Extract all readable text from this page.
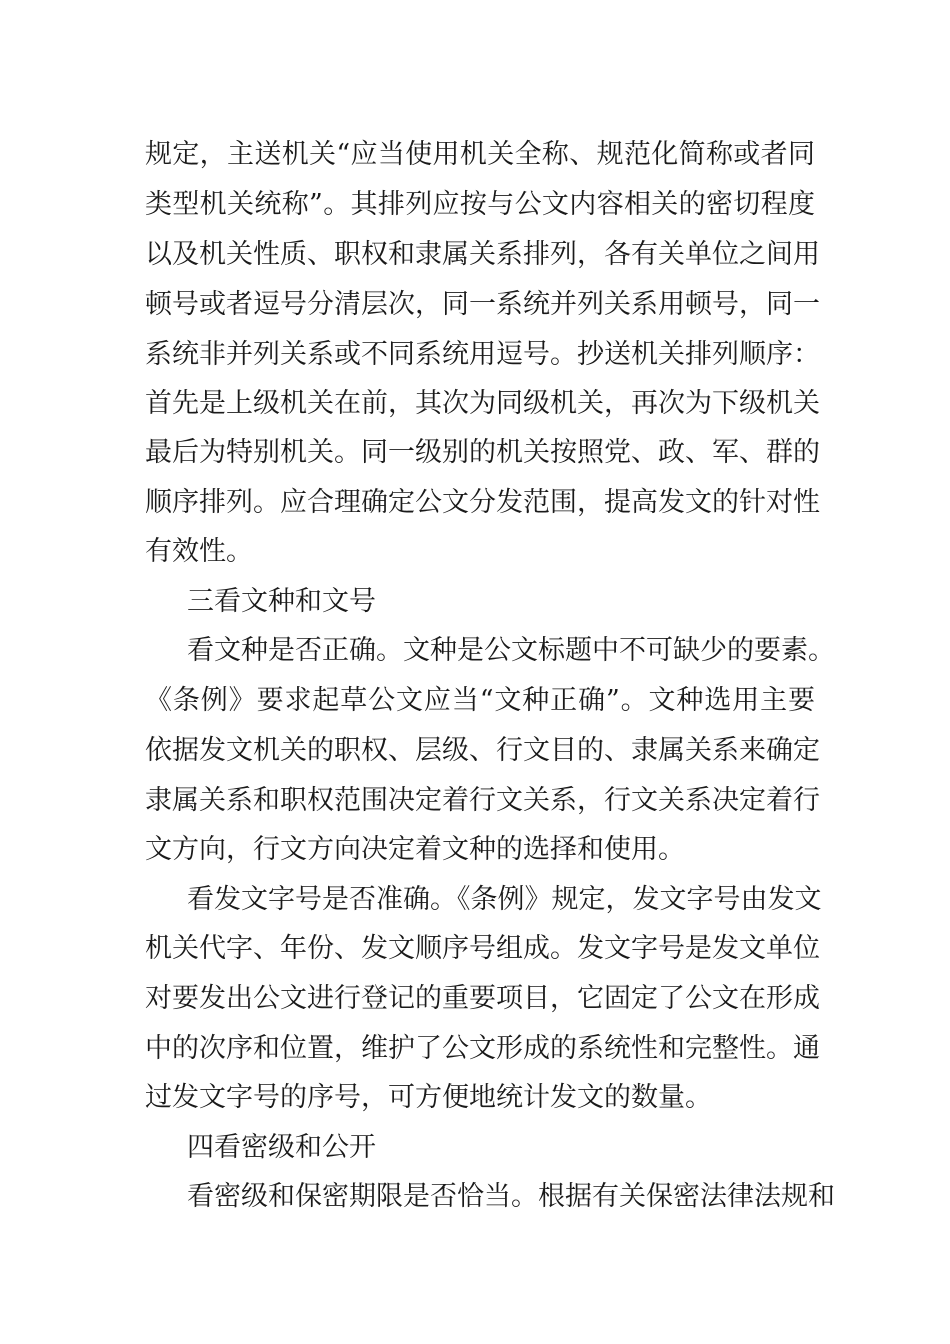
规定，主送机关“应当使用机关全称、规范化简称或者同
类型机关统称”。其排列应按与公文内容相关的密切程度
以及机关性质、职权和隶属关系排列，各有关单位之间用
顿号或者逗号分清层次，同一系统并列关系用顿号，同一
系统非并列关系或不同系统用逗号。抄送机关排列顺序：
首先是上级机关在前，其次为同级机关，再次为下级机关
最后为特别机关。同一级别的机关按照党、政、军、群的
顺序排列。应合理确定公文分发范围，提高发文的针对性
有效性。
三看文种和文号
看文种是否正确。文种是公文标题中不可缺少的要素。
《条例》要求起草公文应当“文种正确”。文种选用主要
依据发文机关的职权、层级、行文目的、隶属关系来确定
隶属关系和职权范围决定着行文关系，行文关系决定着行
文方向，行文方向决定着文种的选择和使用。
看发文字号是否准确。《条例》规定，发文字号由发文
机关代字、年份、发文顺序号组成。发文字号是发文单位
对要发出公文进行登记的重要项目，它固定了公文在形成
中的次序和位置，维护了公文形成的系统性和完整性。通
过发文字号的序号，可方便地统计发文的数量。
四看密级和公开
看密级和保密期限是否恰当。根据有关保密法律法规和
